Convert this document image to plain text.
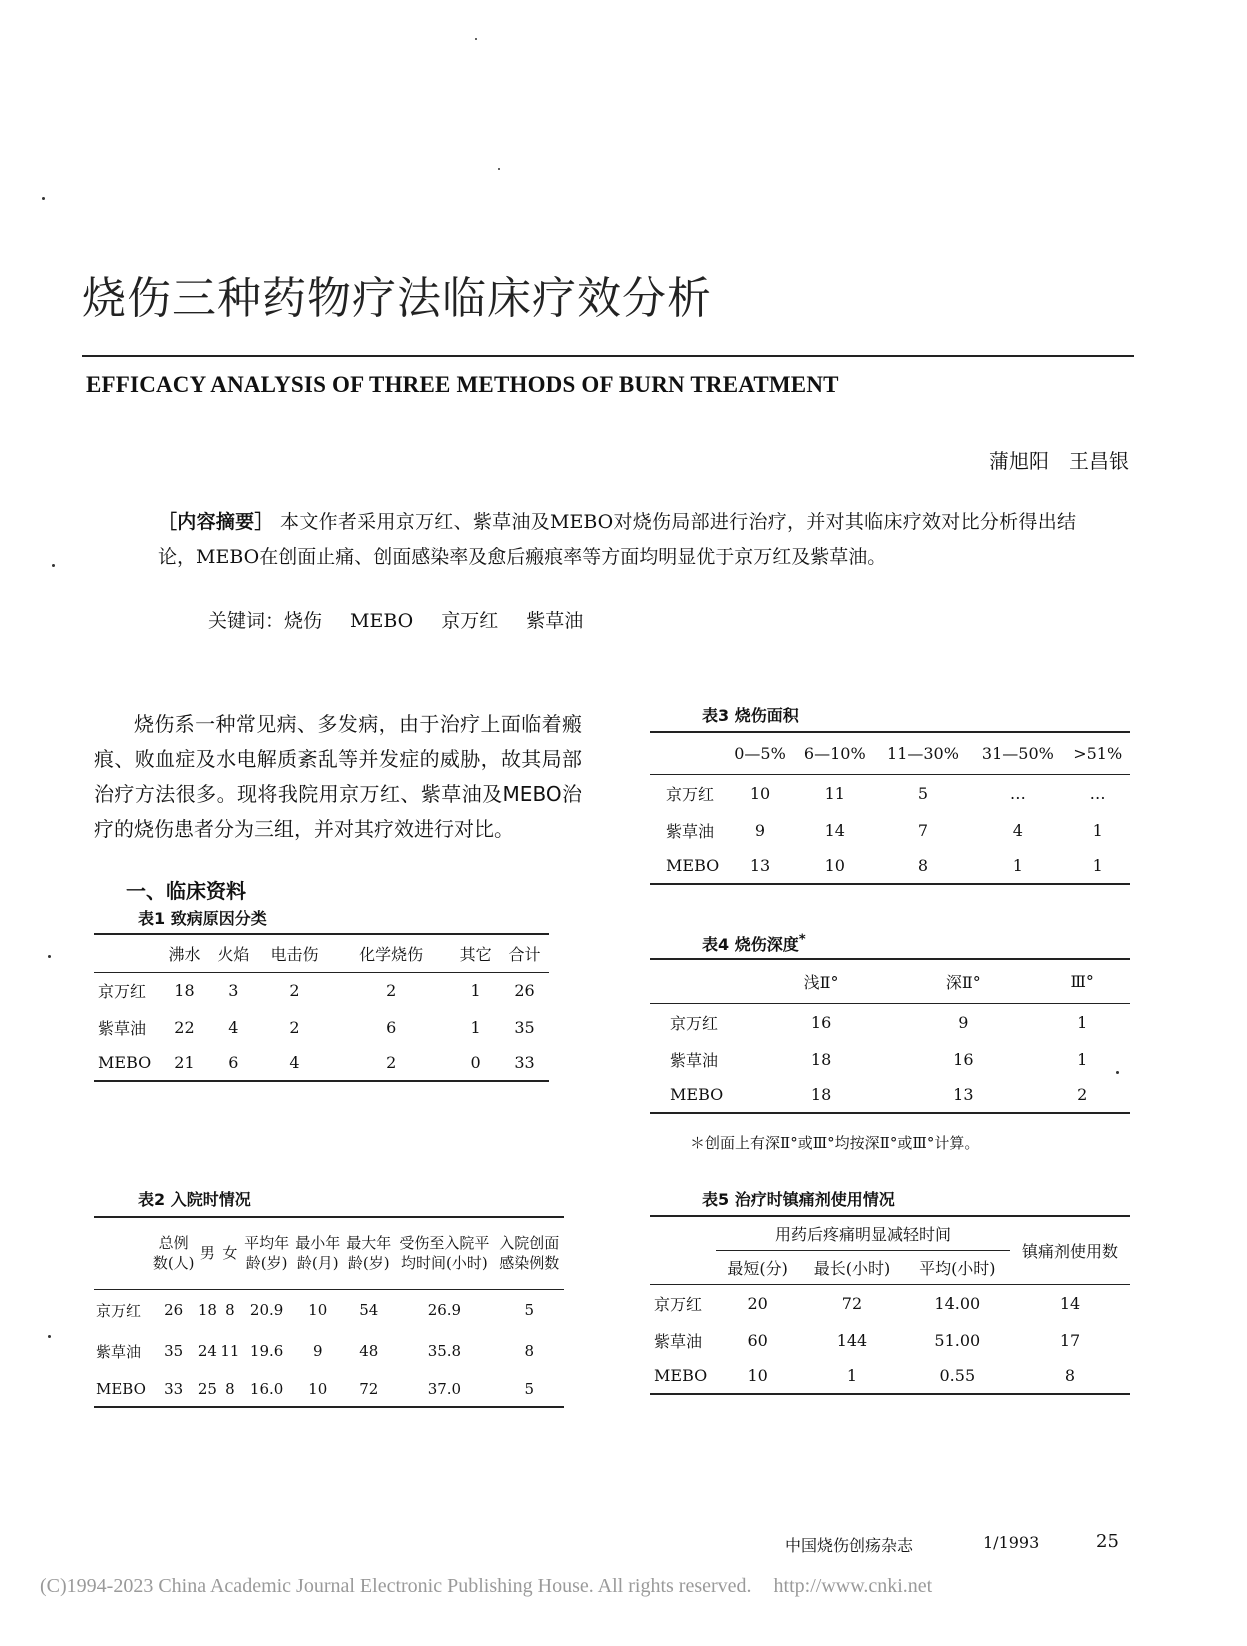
烧伤三种药物疗法临床疗效分析
EFFICACY ANALYSIS OF THREE METHODS OF BURN TREATMENT
蒲旭阳　王昌银
［内容摘要］ 本文作者采用京万红、紫草油及MEBO对烧伤局部进行治疗，并对其临床疗效对比分析得出结论，MEBO在创面止痛、创面感染率及愈后瘢痕率等方面均明显优于京万红及紫草油。
关键词：烧伤 MEBO 京万红 紫草油
烧伤系一种常见病、多发病，由于治疗上面临着瘢痕、败血症及水电解质紊乱等并发症的威胁，故其局部治疗方法很多。现将我院用京万红、紫草油及MEBO治疗的烧伤患者分为三组，并对其疗效进行对比。
一、临床资料
表1 致病原因分类
	沸水	火焰	电击伤	化学烧伤	其它	合计
京万红	18	3	2	2	1	26
紫草油	22	4	2	6	1	35
MEBO	21	6	4	2	0	33
表2 入院时情况
	总例数(人)	男	女	平均年龄(岁)	最小年龄(月)	最大年龄(岁)	受伤至入院平均时间(小时)	入院创面感染例数
京万红	26	18	8	20.9	10	54	26.9	5
紫草油	35	24	11	19.6	9	48	35.8	8
MEBO	33	25	8	16.0	10	72	37.0	5
表3 烧伤面积
	0—5%	6—10%	11—30%	31—50%	>51%
京万红	10	11	5	…	…
紫草油	9	14	7	4	1
MEBO	13	10	8	1	1
表4 烧伤深度*
	浅Ⅱ°	深Ⅱ°	Ⅲ°
京万红	16	9	1
紫草油	18	16	1
MEBO	18	13	2
＊创面上有深Ⅱ°或Ⅲ°均按深Ⅱ°或Ⅲ°计算。
表5 治疗时镇痛剂使用情况
	用药后疼痛明显减轻时间			镇痛剂使用数
	最短(分)	最长(小时)	平均(小时)	
京万红	20	72	14.00	14
紫草油	60	144	51.00	17
MEBO	10	1	0.55	8
中国烧伤创疡杂志	1/1993	25
(C)1994-2023 China Academic Journal Electronic Publishing House. All rights reserved. http://www.cnki.net
